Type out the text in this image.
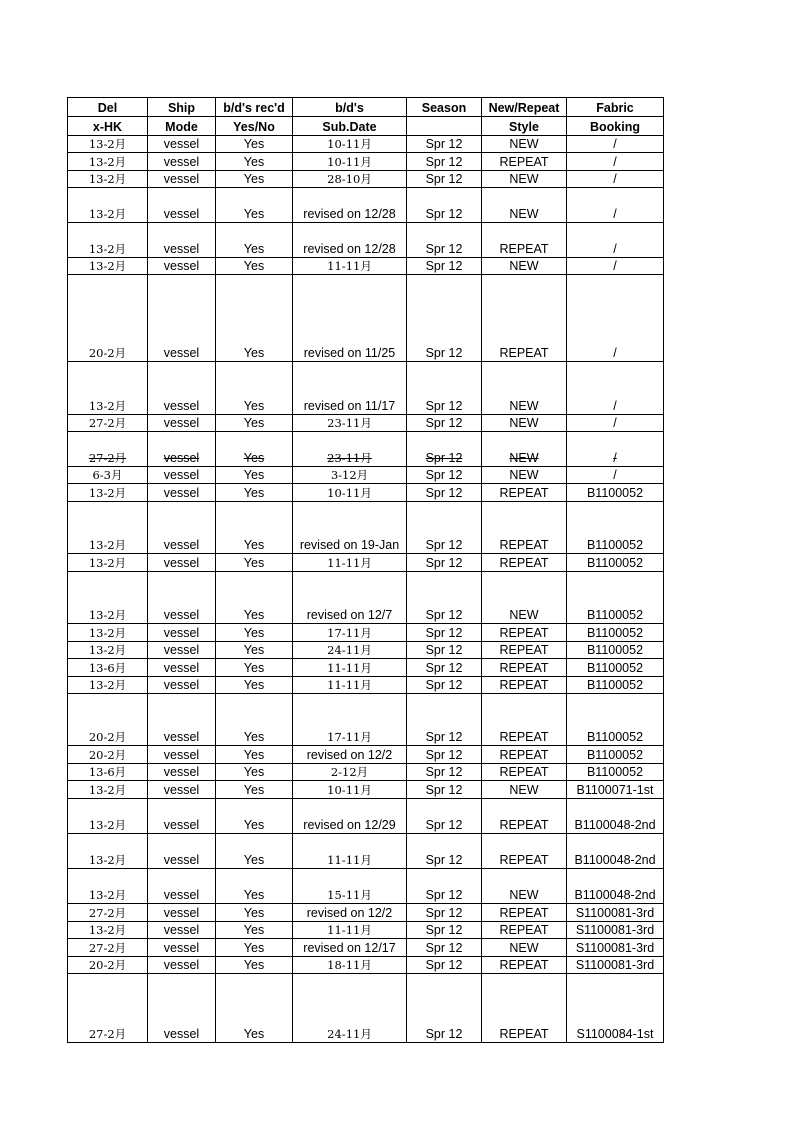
Del	Ship	b/d's rec'd	b/d's	Season	New/Repeat	Fabric
x-HK	Mode	Yes/No	Sub.Date		Style	Booking
13-2月	vessel	Yes	10-11月	Spr 12	NEW	/
13-2月	vessel	Yes	10-11月	Spr 12	REPEAT	/
13-2月	vessel	Yes	28-10月	Spr 12	NEW	/
13-2月	vessel	Yes	revised on 12/28	Spr 12	NEW	/
13-2月	vessel	Yes	revised on 12/28	Spr 12	REPEAT	/
13-2月	vessel	Yes	11-11月	Spr 12	NEW	/
20-2月	vessel	Yes	revised on 11/25	Spr 12	REPEAT	/
13-2月	vessel	Yes	revised on 11/17	Spr 12	NEW	/
27-2月	vessel	Yes	23-11月	Spr 12	NEW	/
27-2月	vessel	Yes	23-11月	Spr 12	NEW	/
6-3月	vessel	Yes	3-12月	Spr 12	NEW	/
13-2月	vessel	Yes	10-11月	Spr 12	REPEAT	B1100052
13-2月	vessel	Yes	revised on 19-Jan	Spr 12	REPEAT	B1100052
13-2月	vessel	Yes	11-11月	Spr 12	REPEAT	B1100052
13-2月	vessel	Yes	revised on 12/7	Spr 12	NEW	B1100052
13-2月	vessel	Yes	17-11月	Spr 12	REPEAT	B1100052
13-2月	vessel	Yes	24-11月	Spr 12	REPEAT	B1100052
13-6月	vessel	Yes	11-11月	Spr 12	REPEAT	B1100052
13-2月	vessel	Yes	11-11月	Spr 12	REPEAT	B1100052
20-2月	vessel	Yes	17-11月	Spr 12	REPEAT	B1100052
20-2月	vessel	Yes	revised on 12/2	Spr 12	REPEAT	B1100052
13-6月	vessel	Yes	2-12月	Spr 12	REPEAT	B1100052
13-2月	vessel	Yes	10-11月	Spr 12	NEW	B1100071-1st
13-2月	vessel	Yes	revised on 12/29	Spr 12	REPEAT	B1100048-2nd
13-2月	vessel	Yes	11-11月	Spr 12	REPEAT	B1100048-2nd
13-2月	vessel	Yes	15-11月	Spr 12	NEW	B1100048-2nd
27-2月	vessel	Yes	revised on 12/2	Spr 12	REPEAT	S1100081-3rd
13-2月	vessel	Yes	11-11月	Spr 12	REPEAT	S1100081-3rd
27-2月	vessel	Yes	revised on 12/17	Spr 12	NEW	S1100081-3rd
20-2月	vessel	Yes	18-11月	Spr 12	REPEAT	S1100081-3rd
27-2月	vessel	Yes	24-11月	Spr 12	REPEAT	S1100084-1st
